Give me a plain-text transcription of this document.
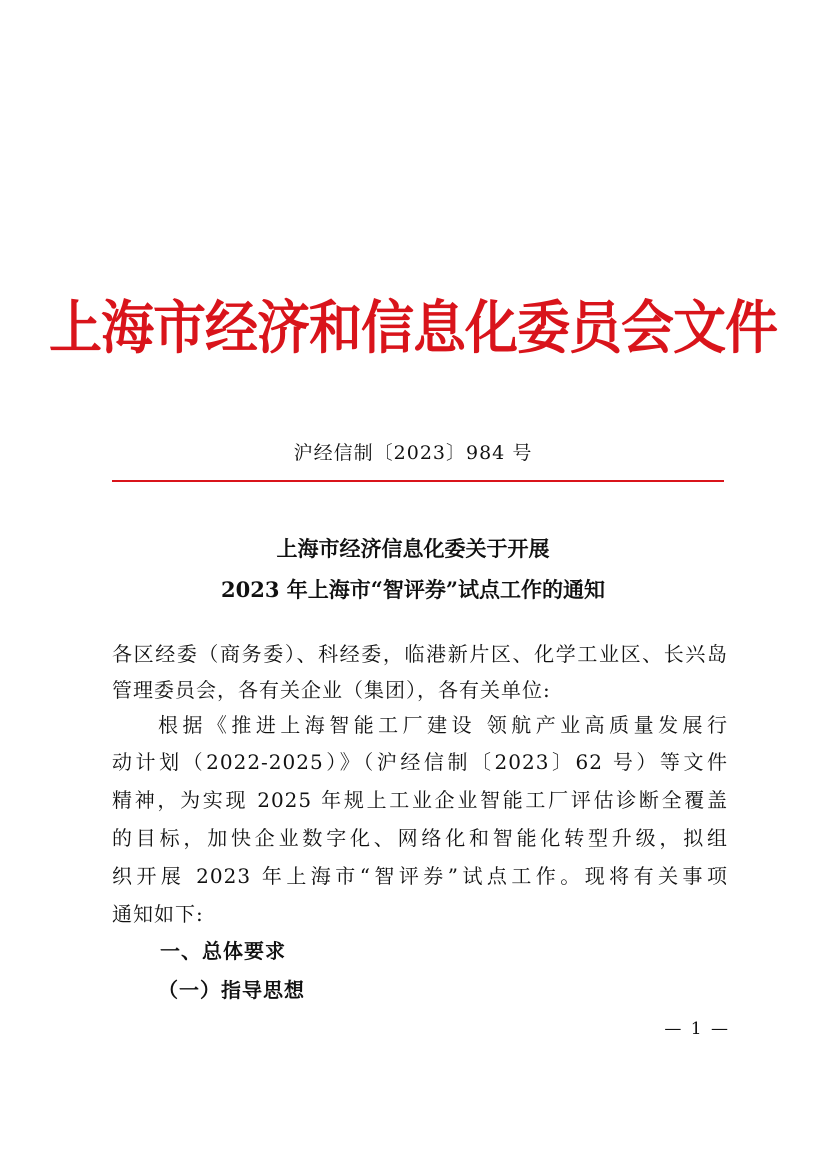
上海市经济和信息化委员会文件
沪经信制〔2023〕984 号
上海市经济信息化委关于开展
2023 年上海市“智评券”试点工作的通知
各区经委（商务委）、科经委，临港新片区、化学工业区、长兴岛
管理委员会，各有关企业（集团），各有关单位:
根据《推进上海智能工厂建设 领航产业高质量发展行
动计划（2022-2025）》（沪经信制〔2023〕62 号）等文件
精神，为实现 2025 年规上工业企业智能工厂评估诊断全覆盖
的目标，加快企业数字化、网络化和智能化转型升级，拟组
织开展 2023 年上海市“智评券”试点工作。现将有关事项
通知如下:
一、总体要求
（一）指导思想
— 1 —
